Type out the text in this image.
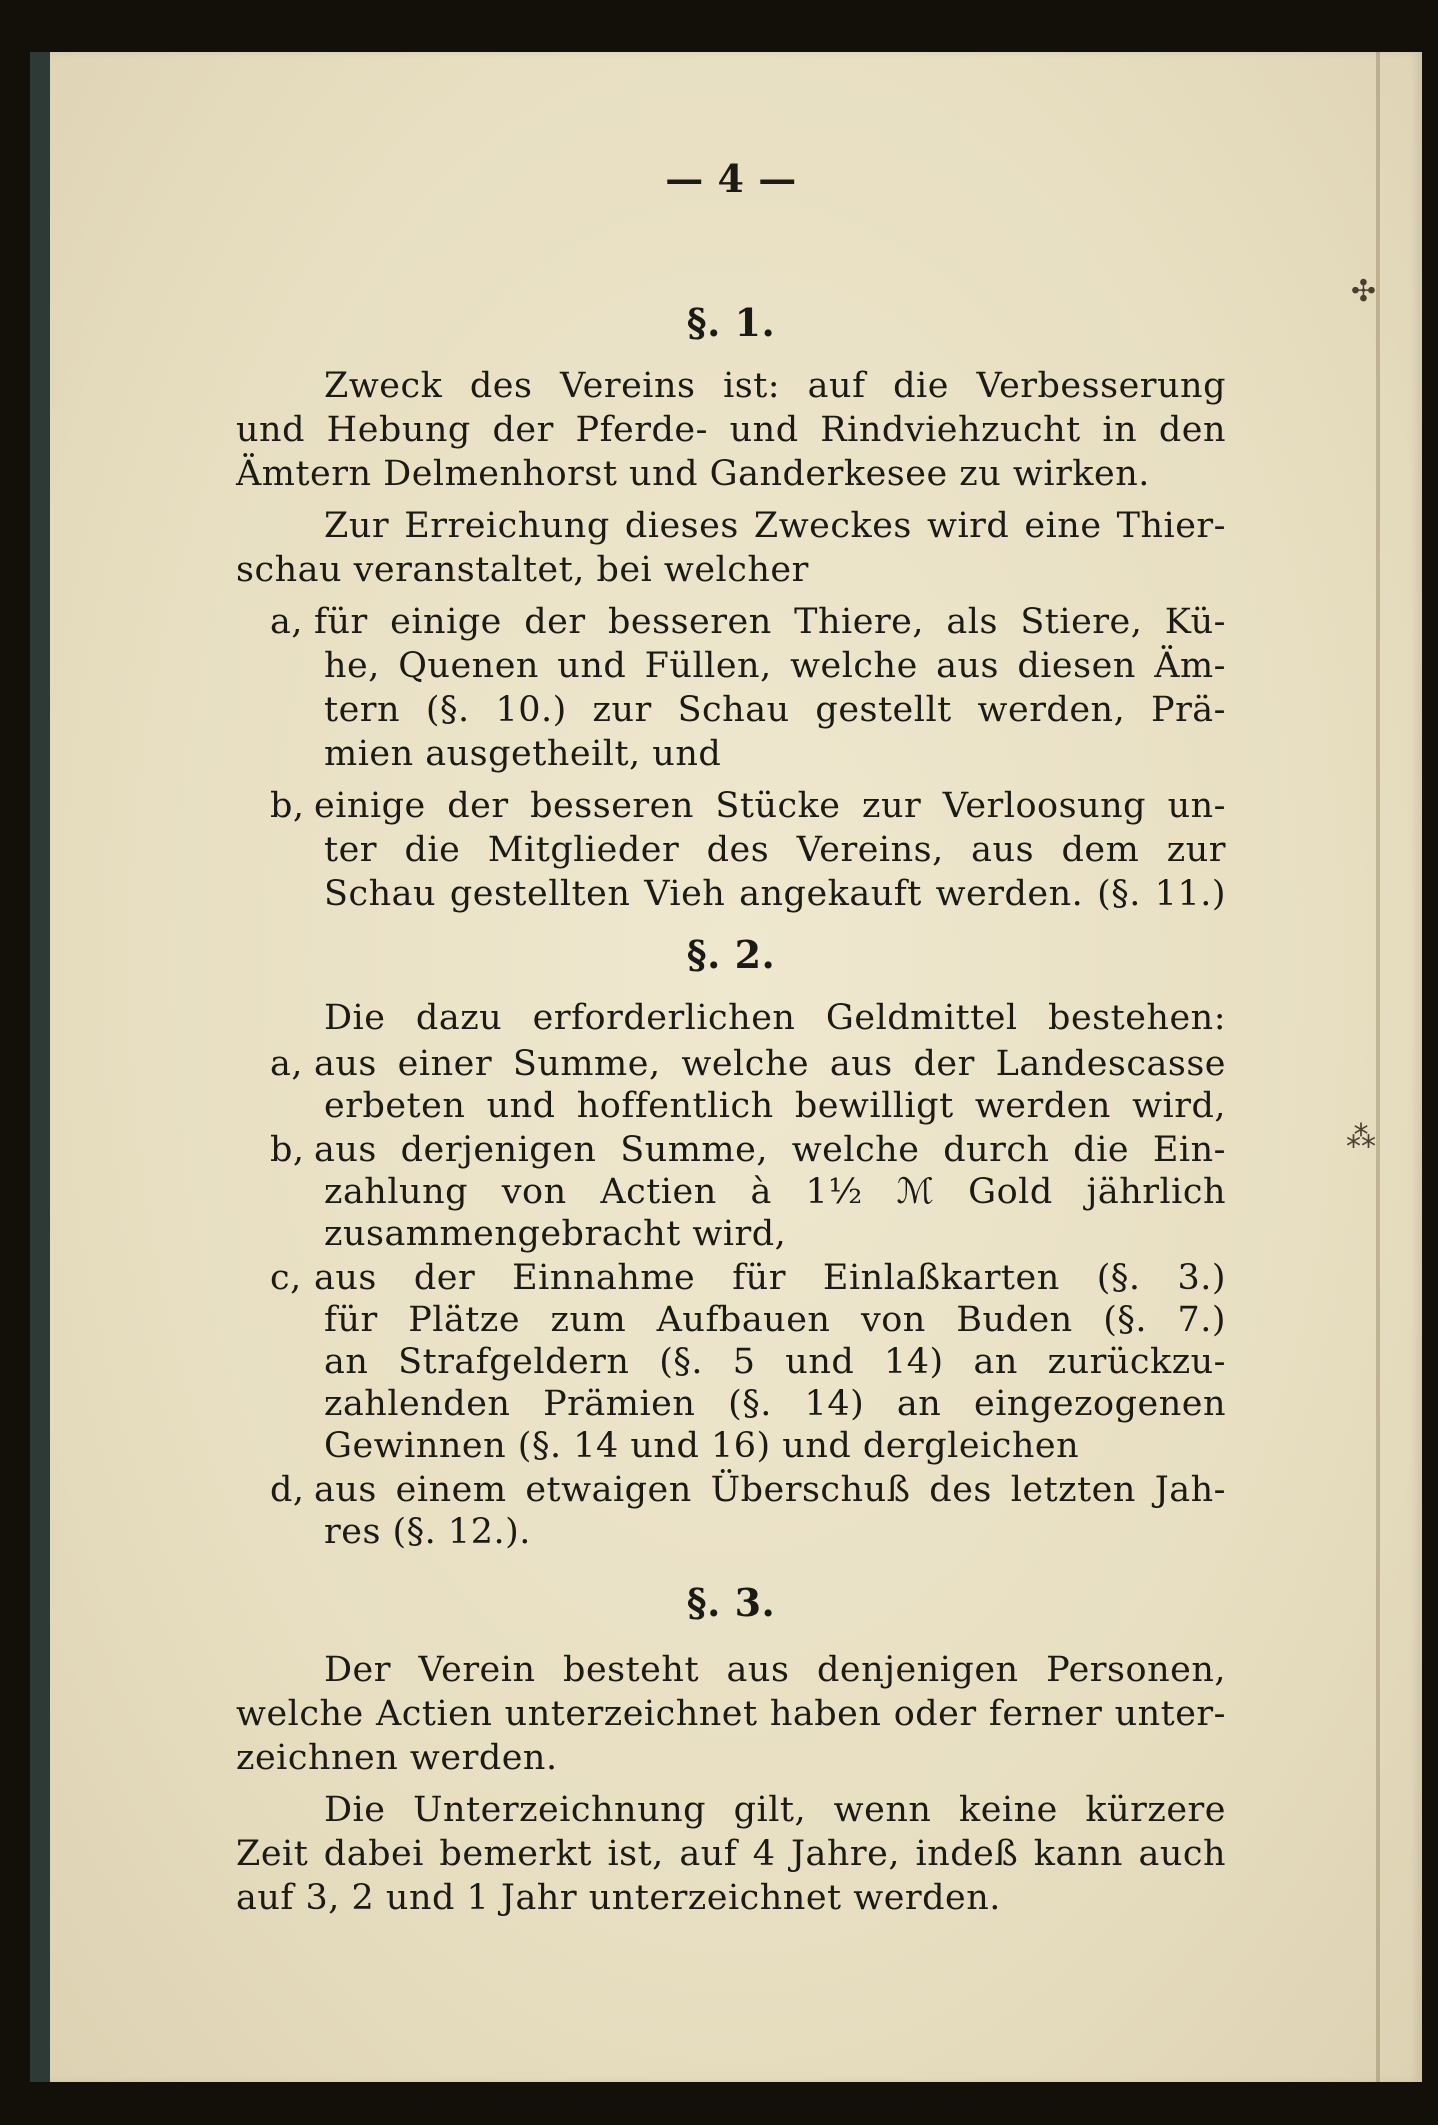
✣
⁂
— 4 —
§. 1.
Zweck des Vereins ist: auf die Verbesserung
und Hebung der Pferde- und Rindviehzucht in den
Ämtern Delmenhorst und Ganderkesee zu wirken.
Zur Erreichung dieses Zweckes wird eine Thier-
schau veranstaltet, bei welcher
a, für einige der besseren Thiere, als Stiere, Kü-
he, Quenen und Füllen, welche aus diesen Äm-
tern (§. 10.) zur Schau gestellt werden, Prä-
mien ausgetheilt, und
b, einige der besseren Stücke zur Verloosung un-
ter die Mitglieder des Vereins, aus dem zur
Schau gestellten Vieh angekauft werden. (§. 11.)
§. 2.
Die dazu erforderlichen Geldmittel bestehen:
a, aus einer Summe, welche aus der Landescasse
erbeten und hoffentlich bewilligt werden wird,
b, aus derjenigen Summe, welche durch die Ein-
zahlung von Actien à 1½ ℳ Gold jährlich
zusammengebracht wird,
c, aus der Einnahme für Einlaßkarten (§. 3.)
für Plätze zum Aufbauen von Buden (§. 7.)
an Strafgeldern (§. 5 und 14) an zurückzu-
zahlenden Prämien (§. 14) an eingezogenen
Gewinnen (§. 14 und 16) und dergleichen
d, aus einem etwaigen Überschuß des letzten Jah-
res (§. 12.).
§. 3.
Der Verein besteht aus denjenigen Personen,
welche Actien unterzeichnet haben oder ferner unter-
zeichnen werden.
Die Unterzeichnung gilt, wenn keine kürzere
Zeit dabei bemerkt ist, auf 4 Jahre, indeß kann auch
auf 3, 2 und 1 Jahr unterzeichnet werden.
